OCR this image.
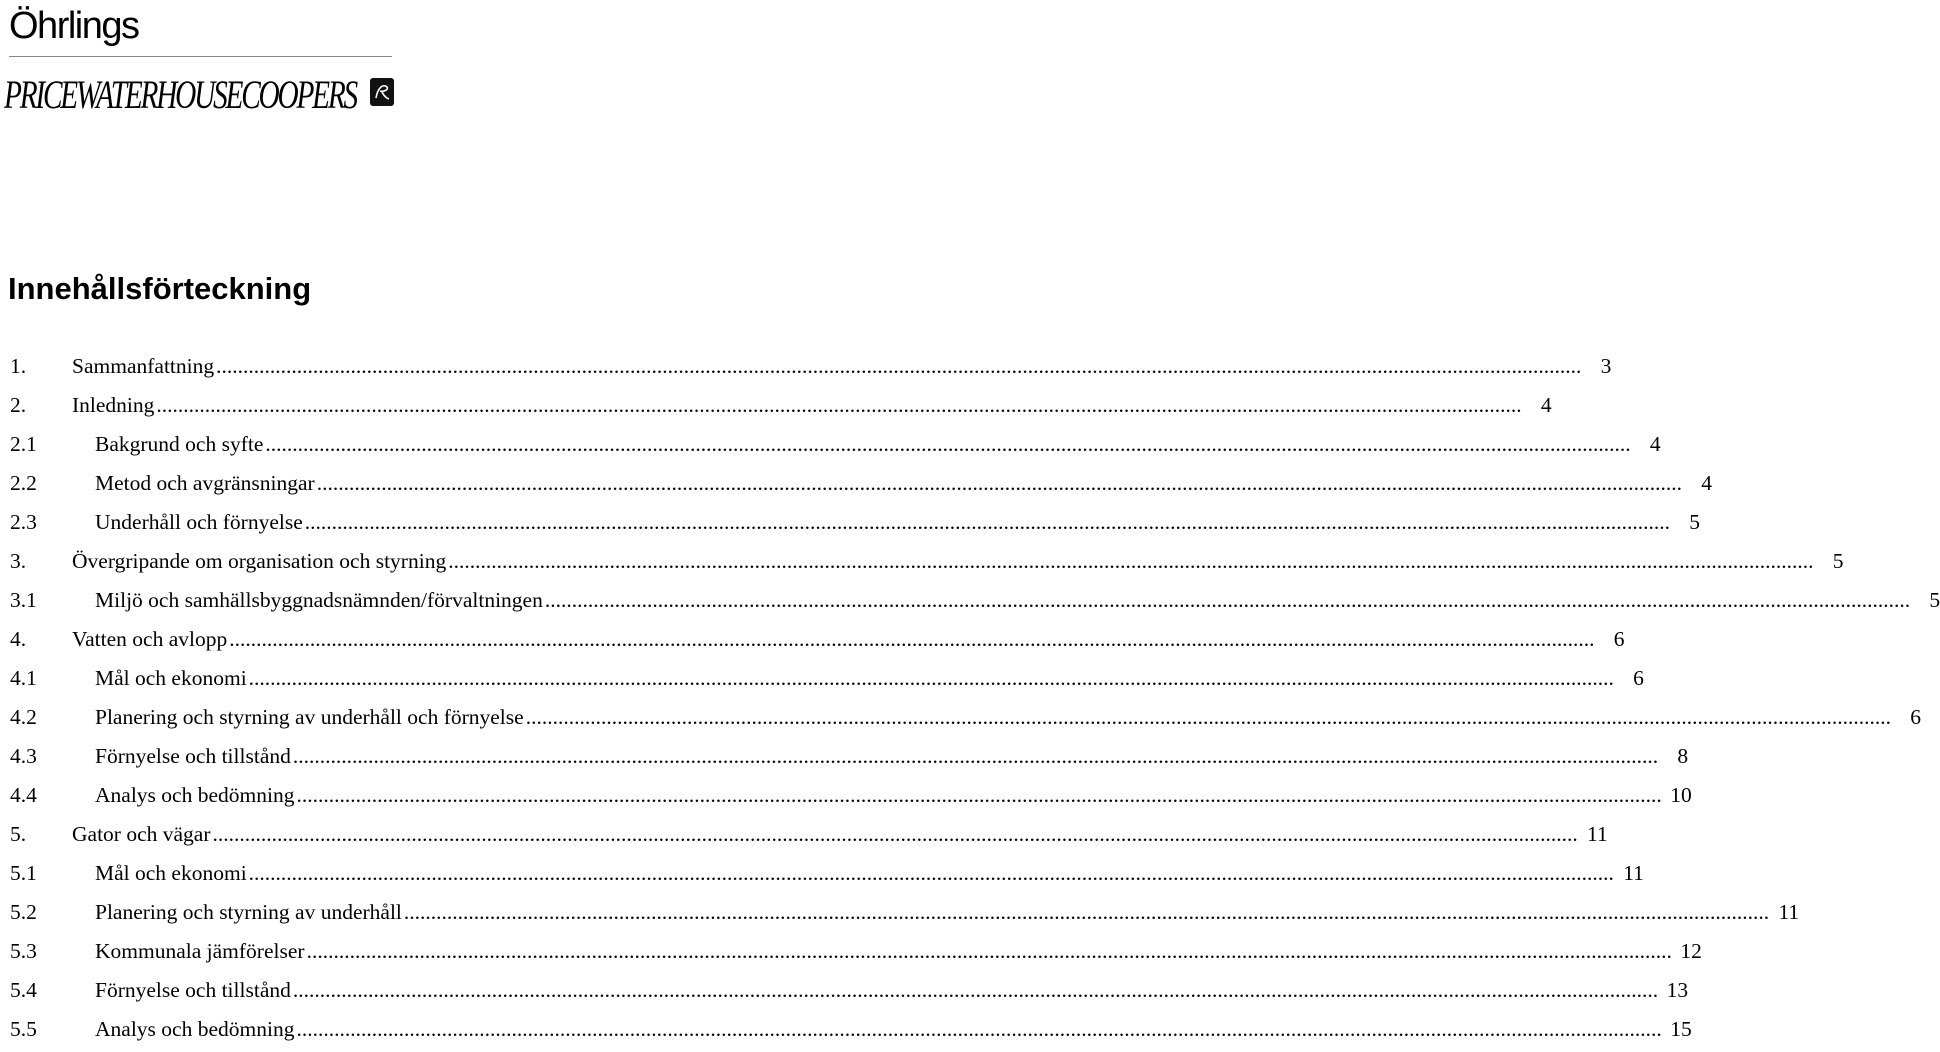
Öhrlings
PRICEWATERHOUSECOOPERS
Innehållsförteckning
1.	Sammanfattning .....	3
2.	Inledning .....	4
2.1	Bakgrund och syfte .....	4
2.2	Metod och avgränsningar .....	4
2.3	Underhåll och förnyelse .....	5
3.	Övergripande om organisation och styrning .....	5
3.1	Miljö och samhällsbyggnadsnämnden/förvaltningen .....	5
4.	Vatten och avlopp .....	6
4.1	Mål och ekonomi .....	6
4.2	Planering och styrning av underhåll och förnyelse .....	6
4.3	Förnyelse och tillstånd .....	8
4.4	Analys och bedömning .....	10
5.	Gator och vägar .....	11
5.1	Mål och ekonomi .....	11
5.2	Planering och styrning av underhåll .....	11
5.3	Kommunala jämförelser .....	12
5.4	Förnyelse och tillstånd .....	13
5.5	Analys och bedömning .....	15
